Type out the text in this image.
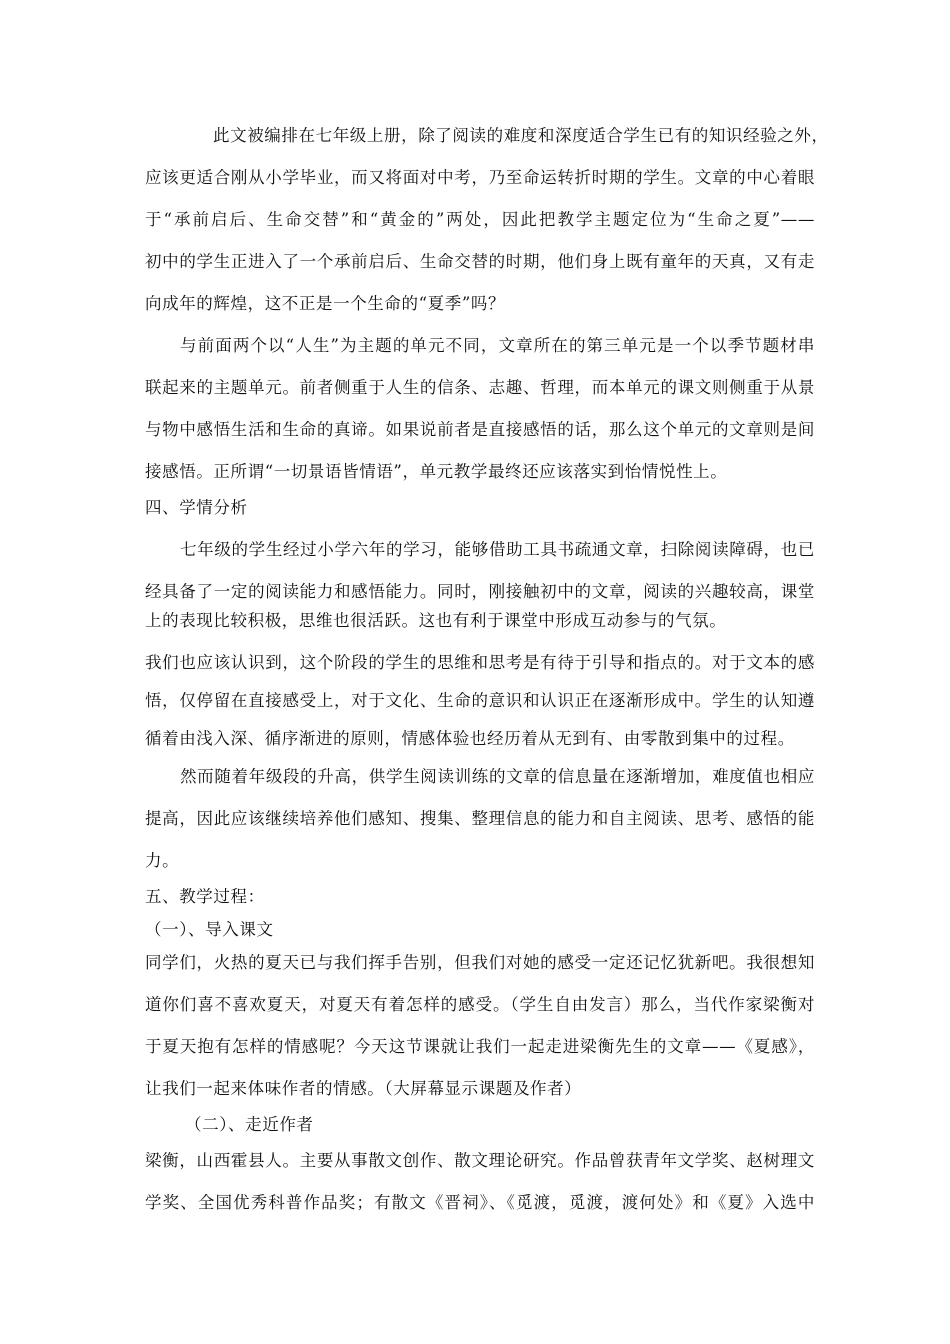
此文被编排在七年级上册，除了阅读的难度和深度适合学生已有的知识经验之外，
应该更适合刚从小学毕业，而又将面对中考，乃至命运转折时期的学生。文章的中心着眼
于“承前启后、生命交替”和“黄金的”两处，因此把教学主题定位为“生命之夏”——
初中的学生正进入了一个承前启后、生命交替的时期，他们身上既有童年的天真，又有走
向成年的辉煌，这不正是一个生命的“夏季”吗？
与前面两个以“人生”为主题的单元不同，文章所在的第三单元是一个以季节题材串
联起来的主题单元。前者侧重于人生的信条、志趣、哲理，而本单元的课文则侧重于从景
与物中感悟生活和生命的真谛。如果说前者是直接感悟的话，那么这个单元的文章则是间
接感悟。正所谓“一切景语皆情语”，单元教学最终还应该落实到怡情悦性上。
四、学情分析
七年级的学生经过小学六年的学习，能够借助工具书疏通文章，扫除阅读障碍，也已
经具备了一定的阅读能力和感悟能力。同时，刚接触初中的文章，阅读的兴趣较高，课堂
上的表现比较积极，思维也很活跃。这也有利于课堂中形成互动参与的气氛。
我们也应该认识到，这个阶段的学生的思维和思考是有待于引导和指点的。对于文本的感
悟，仅停留在直接感受上，对于文化、生命的意识和认识正在逐渐形成中。学生的认知遵
循着由浅入深、循序渐进的原则，情感体验也经历着从无到有、由零散到集中的过程。
然而随着年级段的升高，供学生阅读训练的文章的信息量在逐渐增加，难度值也相应
提高，因此应该继续培养他们感知、搜集、整理信息的能力和自主阅读、思考、感悟的能
力。
五、教学过程：
（一）、导入课文
同学们，火热的夏天已与我们挥手告别，但我们对她的感受一定还记忆犹新吧。我很想知
道你们喜不喜欢夏天，对夏天有着怎样的感受。（学生自由发言）那么，当代作家梁衡对
于夏天抱有怎样的情感呢？今天这节课就让我们一起走进梁衡先生的文章——《夏感》，
让我们一起来体味作者的情感。（大屏幕显示课题及作者）
（二）、走近作者
梁衡，山西霍县人。主要从事散文创作、散文理论研究。作品曾获青年文学奖、赵树理文
学奖、全国优秀科普作品奖；有散文《晋祠》、《觅渡，觅渡，渡何处》和《夏》入选中
